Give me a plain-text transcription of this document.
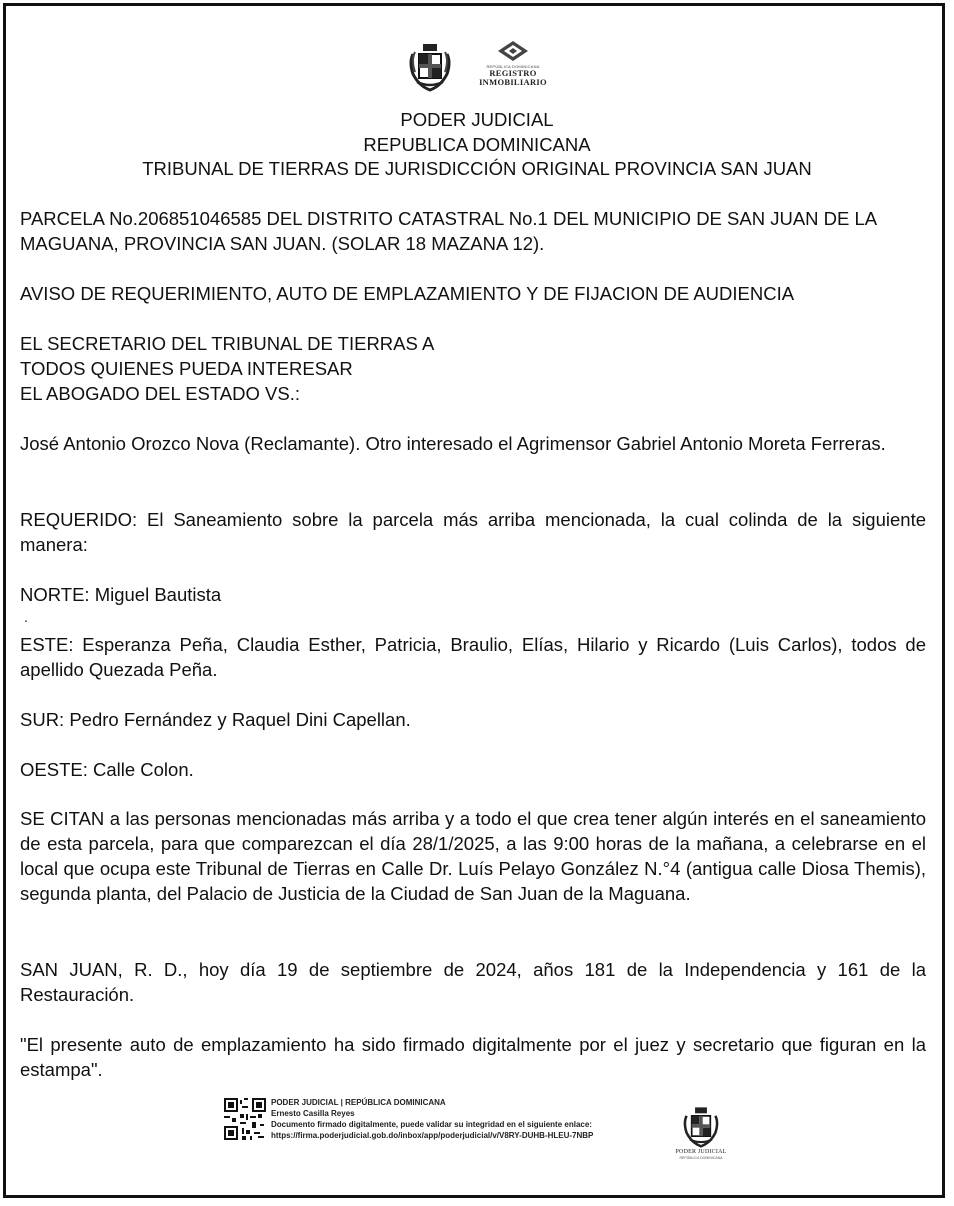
REPÚBLICA DOMINICANA
REGISTRO
INMOBILIARIO
PODER JUDICIAL
REPUBLICA DOMINICANA
TRIBUNAL DE TIERRAS DE JURISDICCIÓN ORIGINAL PROVINCIA SAN JUAN

PARCELA No.206851046585 DEL DISTRITO CATASTRAL No.1 DEL MUNICIPIO DE SAN JUAN DE LA MAGUANA, PROVINCIA SAN JUAN. (SOLAR 18 MAZANA 12).

AVISO DE REQUERIMIENTO, AUTO DE EMPLAZAMIENTO Y DE FIJACION DE AUDIENCIA

EL SECRETARIO DEL TRIBUNAL DE TIERRAS A
TODOS QUIENES PUEDA INTERESAR
EL ABOGADO DEL ESTADO VS.:

José Antonio Orozco Nova (Reclamante). Otro interesado el Agrimensor Gabriel Antonio Moreta Ferreras.

REQUERIDO: El Saneamiento sobre la parcela más arriba mencionada, la cual colinda de la siguiente manera:

NORTE: Miguel Bautista

.

ESTE: Esperanza Peña, Claudia Esther, Patricia, Braulio, Elías, Hilario y Ricardo (Luis Carlos), todos de apellido Quezada Peña.

SUR: Pedro Fernández y Raquel Dini Capellan.

OESTE: Calle Colon.

SE CITAN a las personas mencionadas más arriba y a todo el que crea tener algún interés en el saneamiento de esta parcela, para que comparezcan el día 28/1/2025, a las 9:00 horas de la mañana, a celebrarse en el local que ocupa este Tribunal de Tierras en Calle Dr. Luís Pelayo González N.°4 (antigua calle Diosa Themis), segunda planta, del Palacio de Justicia de la Ciudad de San Juan de la Maguana.

SAN JUAN, R. D., hoy día 19 de septiembre de 2024, años 181 de la Independencia y 161 de la Restauración.

"El presente auto de emplazamiento ha sido firmado digitalmente por el juez y secretario que figuran en la estampa".

PODER JUDICIAL | REPÚBLICA DOMINICANA
Ernesto Casilla Reyes
Documento firmado digitalmente, puede validar su integridad en el siguiente enlace:
https://firma.poderjudicial.gob.do/inbox/app/poderjudicial/v/V8RY-DUHB-HLEU-7NBP
PODER JUDICIAL
REPÚBLICA DOMINICANA
